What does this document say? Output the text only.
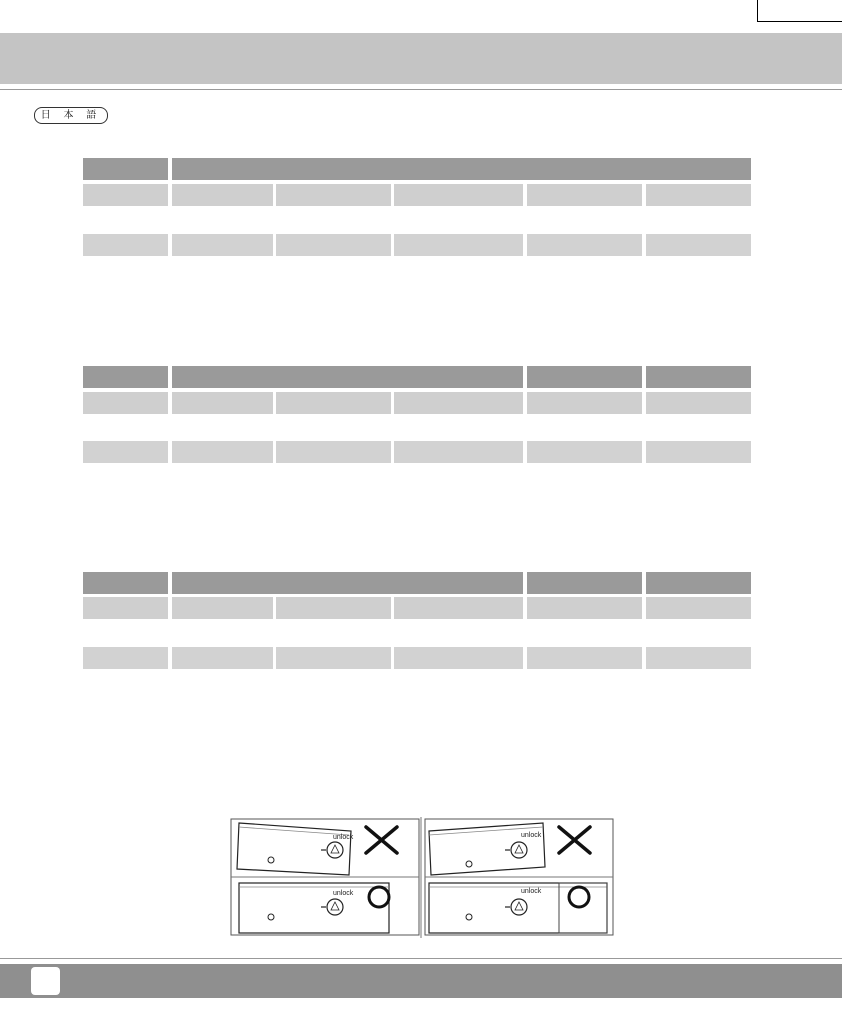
日 本 語
unlock	unlock
unlock	unlock
